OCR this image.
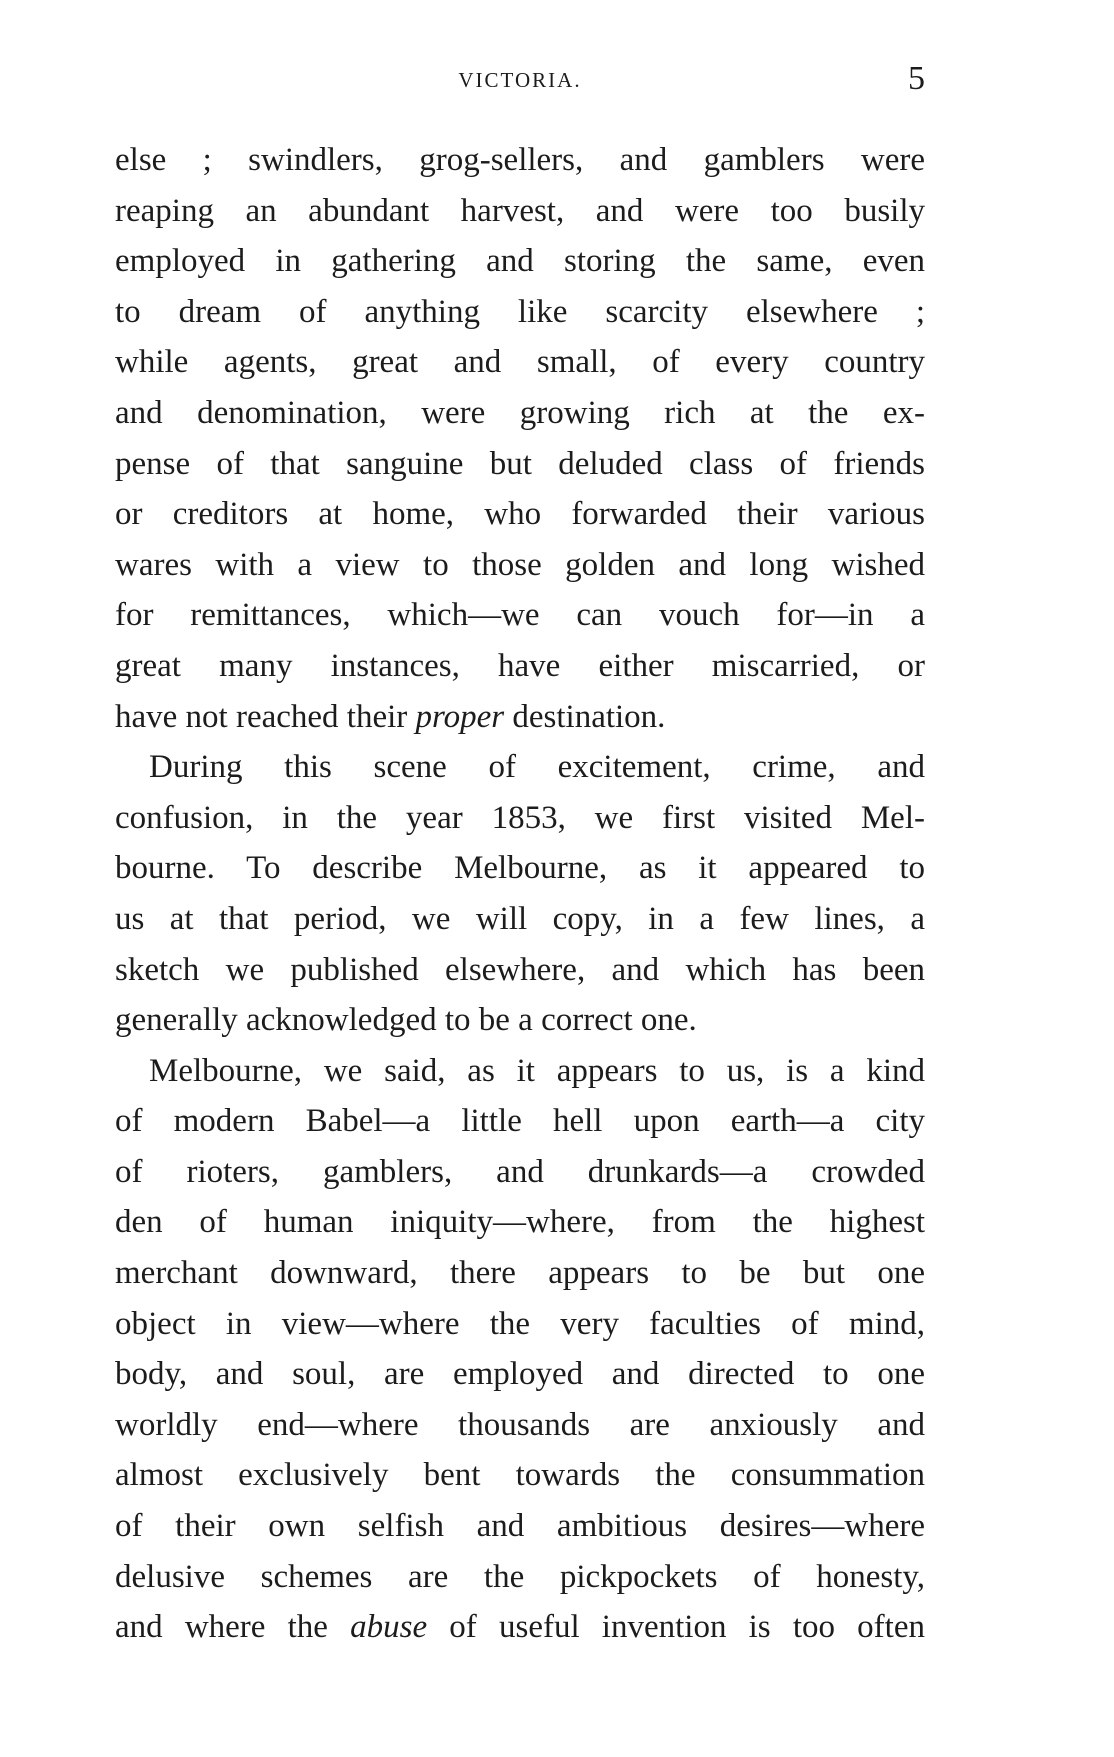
VICTORIA.	5
else ; swindlers, grog-sellers, and gamblers were
reaping an abundant harvest, and were too busily
employed in gathering and storing the same, even
to dream of anything like scarcity elsewhere ;
while agents, great and small, of every country
and denomination, were growing rich at the ex-
pense of that sanguine but deluded class of friends
or creditors at home, who forwarded their various
wares with a view to those golden and long wished
for remittances, which—we can vouch for—in a
great many instances, have either miscarried, or
have not reached their proper destination.
During this scene of excitement, crime, and
confusion, in the year 1853, we first visited Mel-
bourne. To describe Melbourne, as it appeared to
us at that period, we will copy, in a few lines, a
sketch we published elsewhere, and which has been
generally acknowledged to be a correct one.
Melbourne, we said, as it appears to us, is a kind
of modern Babel—a little hell upon earth—a city
of rioters, gamblers, and drunkards—a crowded
den of human iniquity—where, from the highest
merchant downward, there appears to be but one
object in view—where the very faculties of mind,
body, and soul, are employed and directed to one
worldly end—where thousands are anxiously and
almost exclusively bent towards the consummation
of their own selfish and ambitious desires—where
delusive schemes are the pickpockets of honesty,
and where the abuse of useful invention is too often
